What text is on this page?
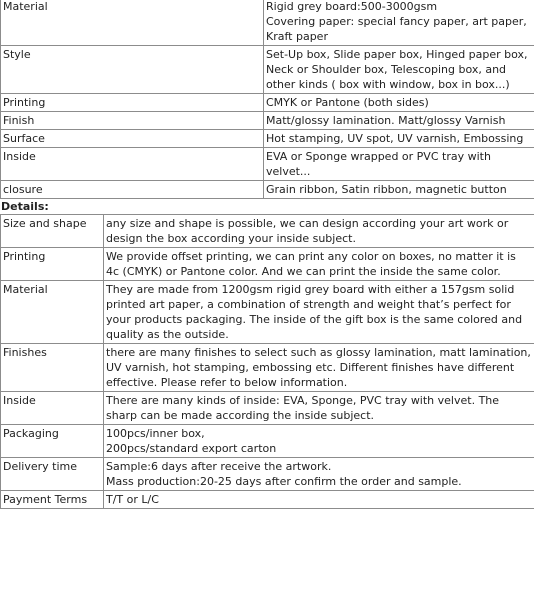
Material	Rigid grey board:500-3000gsm
Covering paper: special fancy paper, art paper, Kraft paper
Style	Set-Up box, Slide paper box, Hinged paper box, Neck or Shoulder box, Telescoping box, and other kinds ( box with window, box in box...)
Printing	CMYK or Pantone (both sides)
Finish	Matt/glossy lamination. Matt/glossy Varnish
Surface	Hot stamping, UV spot, UV varnish, Embossing
Inside	EVA or Sponge wrapped or PVC tray with velvet...
closure	Grain ribbon, Satin ribbon, magnetic button
Details:
Size and shape	any size and shape is possible, we can design according your art work or design the box according your inside subject.
Printing	We provide offset printing, we can print any color on boxes, no matter it is 4c (CMYK) or Pantone color. And we can print the inside the same color.
Material	They are made from 1200gsm rigid grey board with either a 157gsm solid printed art paper, a combination of strength and weight that’s perfect for your products packaging. The inside of the gift box is the same colored and quality as the outside.
Finishes	there are many finishes to select such as glossy lamination, matt lamination, UV varnish, hot stamping, embossing etc. Different finishes have different effective. Please refer to below information.
Inside	There are many kinds of inside: EVA, Sponge, PVC tray with velvet. The sharp can be made according the inside subject.
Packaging	100pcs/inner box,
200pcs/standard export carton
Delivery time	Sample:6 days after receive the artwork.
Mass production:20-25 days after confirm the order and sample.
Payment Terms	T/T or L/C
